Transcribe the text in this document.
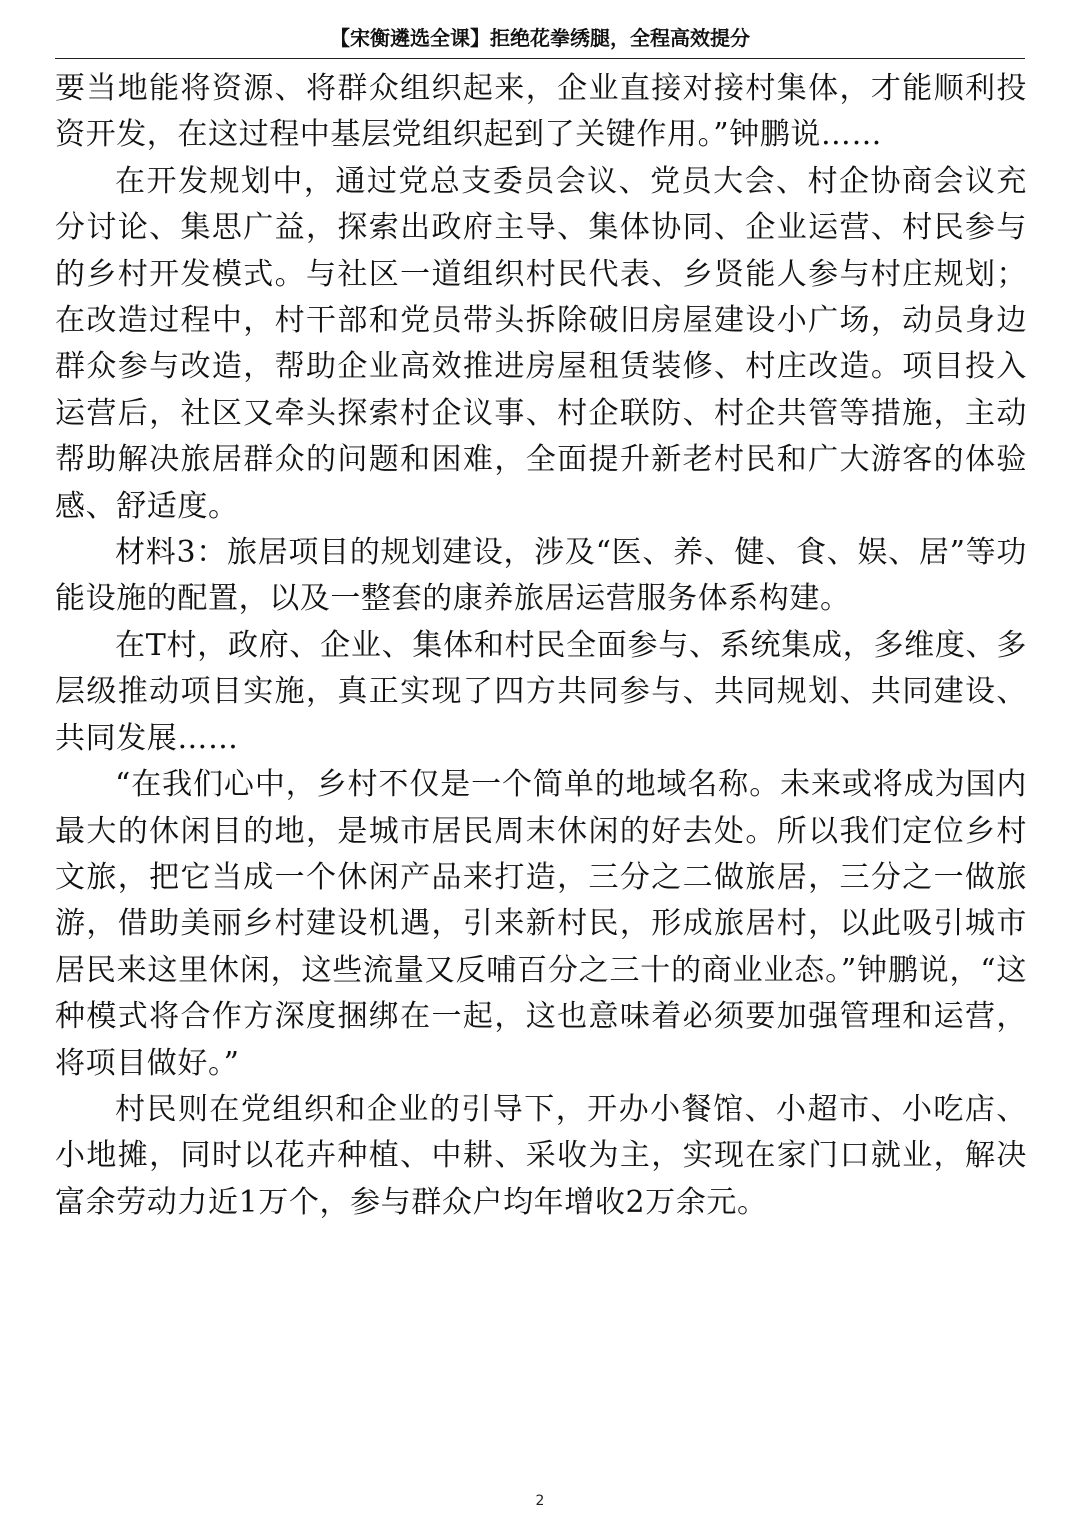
【宋衡遴选全课】拒绝花拳绣腿，全程高效提分

要当地能将资源、将群众组织起来，企业直接对接村集体，才能顺利投资开发，在这过程中基层党组织起到了关键作用。”钟鹏说……

在开发规划中，通过党总支委员会议、党员大会、村企协商会议充分讨论、集思广益，探索出政府主导、集体协同、企业运营、村民参与的乡村开发模式。与社区一道组织村民代表、乡贤能人参与村庄规划；在改造过程中，村干部和党员带头拆除破旧房屋建设小广场，动员身边群众参与改造，帮助企业高效推进房屋租赁装修、村庄改造。项目投入运营后，社区又牵头探索村企议事、村企联防、村企共管等措施，主动帮助解决旅居群众的问题和困难，全面提升新老村民和广大游客的体验感、舒适度。

材料3：旅居项目的规划建设，涉及“医、养、健、食、娱、居”等功能设施的配置，以及一整套的康养旅居运营服务体系构建。

在T村，政府、企业、集体和村民全面参与、系统集成，多维度、多层级推动项目实施，真正实现了四方共同参与、共同规划、共同建设、共同发展……

“在我们心中，乡村不仅是一个简单的地域名称。未来或将成为国内最大的休闲目的地，是城市居民周末休闲的好去处。所以我们定位乡村文旅，把它当成一个休闲产品来打造，三分之二做旅居，三分之一做旅游，借助美丽乡村建设机遇，引来新村民，形成旅居村，以此吸引城市居民来这里休闲，这些流量又反哺百分之三十的商业业态。”钟鹏说，“这种模式将合作方深度捆绑在一起，这也意味着必须要加强管理和运营，将项目做好。”

村民则在党组织和企业的引导下，开办小餐馆、小超市、小吃店、小地摊，同时以花卉种植、中耕、采收为主，实现在家门口就业，解决富余劳动力近1万个，参与群众户均年增收2万余元。

2
